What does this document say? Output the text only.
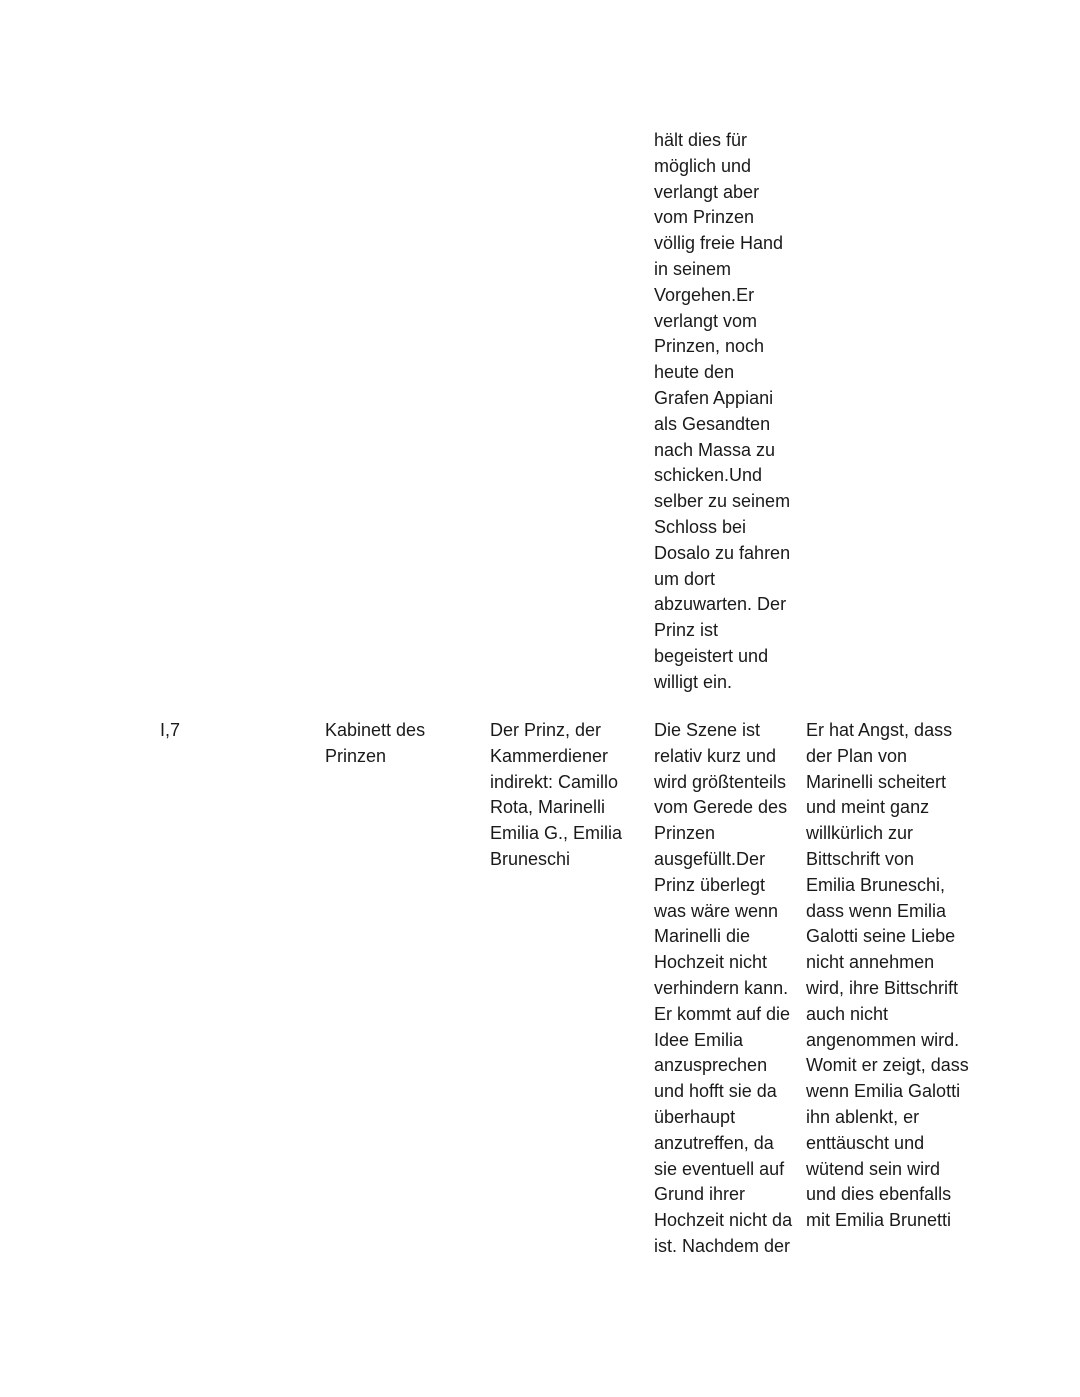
hält dies für
möglich und
verlangt aber
vom Prinzen
völlig freie Hand
in seinem
Vorgehen.Er
verlangt vom
Prinzen, noch
heute den
Grafen Appiani
als Gesandten
nach Massa zu
schicken.Und
selber zu seinem
Schloss bei
Dosalo zu fahren
um dort
abzuwarten. Der
Prinz ist
begeistert und
willigt ein.
I,7	Kabinett des
Prinzen
Der Prinz, der
Kammerdiener
indirekt: Camillo
Rota, Marinelli
Emilia G., Emilia
Bruneschi
Die Szene ist
relativ kurz und
wird größtenteils
vom Gerede des
Prinzen
ausgefüllt.Der
Prinz überlegt
was wäre wenn
Marinelli die
Hochzeit nicht
verhindern kann.
Er kommt auf die
Idee Emilia
anzusprechen
und hofft sie da
überhaupt
anzutreffen, da
sie eventuell auf
Grund ihrer
Hochzeit nicht da
ist. Nachdem der
Er hat Angst, dass
der Plan von
Marinelli scheitert
und meint ganz
willkürlich zur
Bittschrift von
Emilia Bruneschi,
dass wenn Emilia
Galotti seine Liebe
nicht annehmen
wird, ihre Bittschrift
auch nicht
angenommen wird.
Womit er zeigt, dass
wenn Emilia Galotti
ihn ablenkt, er
enttäuscht und
wütend sein wird
und dies ebenfalls
mit Emilia Brunetti
